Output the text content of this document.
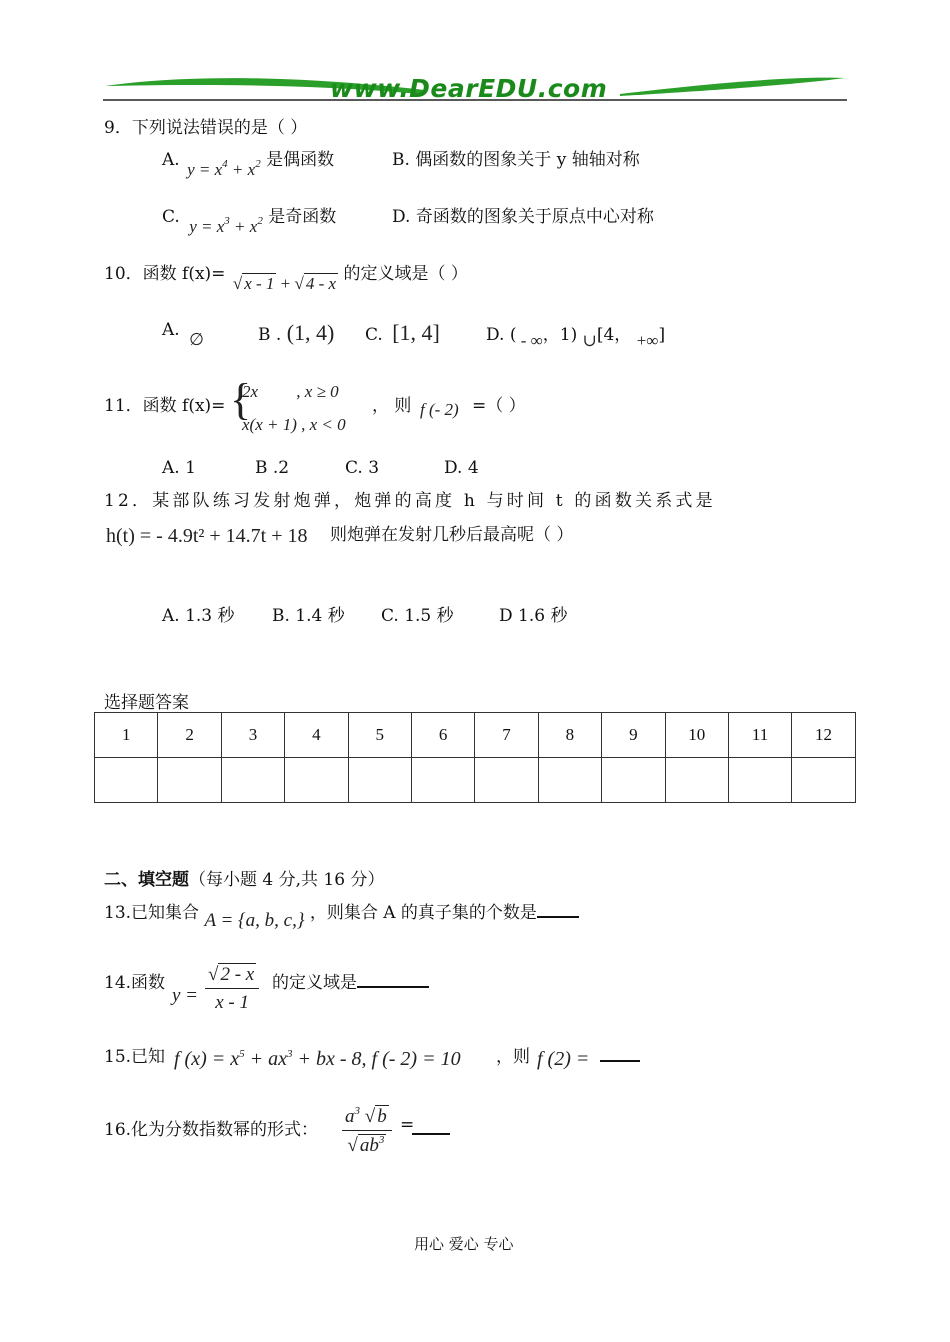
www.DearEDU.com
9．下列说法错误的是（ ）
A. $y = x^4 + x^2$ 是偶函数	B. 偶函数的图象关于 y 轴轴对称
C. $y = x^3 + x^2$ 是奇函数	D. 奇函数的图象关于原点中心对称
10．函数 f(x)= √ x - 1 + √ 4 - x 的定义域是（ ）
A. ∅	B . (1, 4) C. [1, 4]	D. ( - ∞，1) ∪[4， +∞]
11．函数 f(x)= {
2x         , x ≥ 0
x(x + 1) , x < 0
， 则 f (- 2) =（ ）
A. 1	B .2	C. 3	D. 4
12．某部队练习发射炮弹，炮弹的高度 h 与时间 t 的函数关系式是
h(t) = - 4.9t² + 14.7t + 18 则炮弹在发射几秒后最高呢（ ）
A. 1.3 秒 B. 1.4 秒 C. 1.5 秒	D 1.6 秒
选择题答案
1	2	3	4	5	6	7	8	9	10	11	12

二、填空题（每小题 4 分,共 16 分）
13.已知集合 A = {a, b, c,} ，则集合 A 的真子集的个数是
14.函数
$y = \frac{√ 2 - x}{x - 1}$ 的定义域是
15.已知 f $(x) = x^5 + ax^3$ + bx - 8, f (- 2) = 10 ，则 f (2) =
16.化为分数指数幂的形式： $\frac{a^3 √ b}{√ ab^3}$ =
用心 爱心 专心
